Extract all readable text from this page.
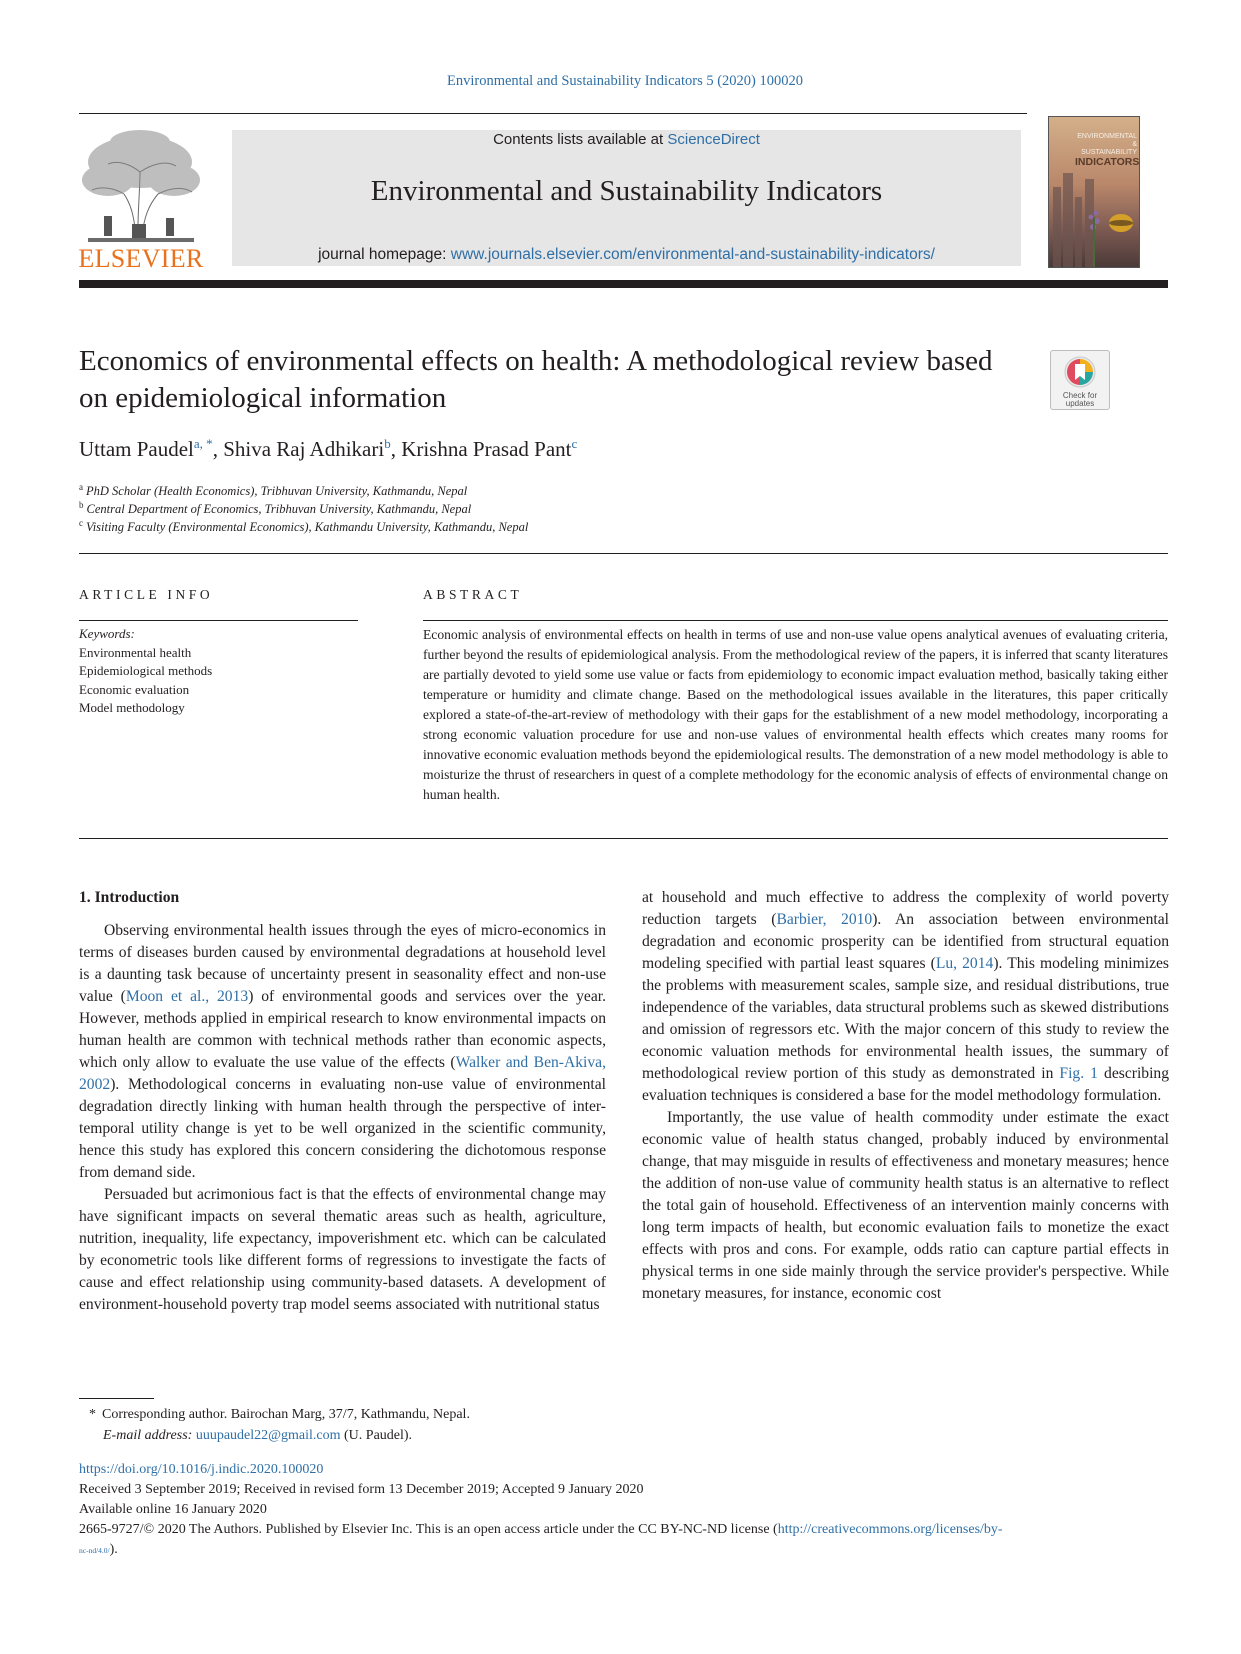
Environmental and Sustainability Indicators 5 (2020) 100020
ELSEVIER
Contents lists available at ScienceDirect
Environmental and Sustainability Indicators
journal homepage: www.journals.elsevier.com/environmental-and-sustainability-indicators/
ENVIRONMENTAL & SUSTAINABILITY
INDICATORS
Economics of environmental effects on health: A methodological review based on epidemiological information	Check for
updates
Uttam Paudel$^{a, *}$, Shiva Raj Adhikari$^b$, Krishna Prasad Pant$^c$
$^a$ PhD Scholar (Health Economics), Tribhuvan University, Kathmandu, Nepal
$^b$ Central Department of Economics, Tribhuvan University, Kathmandu, Nepal
$^c$ Visiting Faculty (Environmental Economics), Kathmandu University, Kathmandu, Nepal
ARTICLE INFO
Keywords:
Environmental health
Epidemiological methods
Economic evaluation
Model methodology
ABSTRACT
Economic analysis of environmental effects on health in terms of use and non-use value opens analytical avenues of evaluating criteria, further beyond the results of epidemiological analysis. From the methodological review of the papers, it is inferred that scanty literatures are partially devoted to yield some use value or facts from epidemiology to economic impact evaluation method, basically taking either temperature or humidity and climate change. Based on the methodological issues available in the literatures, this paper critically explored a state-of-the-art-review of methodology with their gaps for the establishment of a new model methodology, incorporating a strong economic valuation procedure for use and non-use values of environmental health effects which creates many rooms for innovative economic evaluation methods beyond the epidemiological results. The demonstration of a new model methodology is able to moisturize the thrust of researchers in quest of a complete methodology for the economic analysis of effects of environmental change on human health.
1. Introduction

Observing environmental health issues through the eyes of micro-economics in terms of diseases burden caused by environmental degradations at household level is a daunting task because of uncertainty present in seasonality effect and non-use value (Moon et al., 2013) of environmental goods and services over the year. However, methods applied in empirical research to know environmental impacts on human health are common with technical methods rather than economic aspects, which only allow to evaluate the use value of the effects (Walker and Ben-Akiva, 2002). Methodological concerns in evaluating non-use value of environmental degradation directly linking with human health through the perspective of inter-temporal utility change is yet to be well organized in the scientific community, hence this study has explored this concern considering the dichotomous response from demand side.

Persuaded but acrimonious fact is that the effects of environmental change may have significant impacts on several thematic areas such as health, agriculture, nutrition, inequality, life expectancy, impoverishment etc. which can be calculated by econometric tools like different forms of regressions to investigate the facts of cause and effect relationship using community-based datasets. A development of environment-household poverty trap model seems associated with nutritional status

at household and much effective to address the complexity of world poverty reduction targets (Barbier, 2010). An association between environmental degradation and economic prosperity can be identified from structural equation modeling specified with partial least squares (Lu, 2014). This modeling minimizes the problems with measurement scales, sample size, and residual distributions, true independence of the variables, data structural problems such as skewed distributions and omission of regressors etc. With the major concern of this study to review the economic valuation methods for environmental health issues, the summary of methodological review portion of this study as demonstrated in Fig. 1 describing evaluation techniques is considered a base for the model methodology formulation.

Importantly, the use value of health commodity under estimate the exact economic value of health status changed, probably induced by environmental change, that may misguide in results of effectiveness and monetary measures; hence the addition of non-use value of community health status is an alternative to reflect the total gain of household. Effectiveness of an intervention mainly concerns with long term impacts of health, but economic evaluation fails to monetize the exact effects with pros and cons. For example, odds ratio can capture partial effects in physical terms in one side mainly through the service provider's perspective. While monetary measures, for instance, economic cost

* Corresponding author. Bairochan Marg, 37/7, Kathmandu, Nepal.
E-mail address: uuupaudel22@gmail.com (U. Paudel).
https://doi.org/10.1016/j.indic.2020.100020
Received 3 September 2019; Received in revised form 13 December 2019; Accepted 9 January 2020
Available online 16 January 2020
2665-9727/© 2020 The Authors. Published by Elsevier Inc. This is an open access article under the CC BY-NC-ND license (http://creativecommons.org/licenses/by-
nc-nd/4.0/).
